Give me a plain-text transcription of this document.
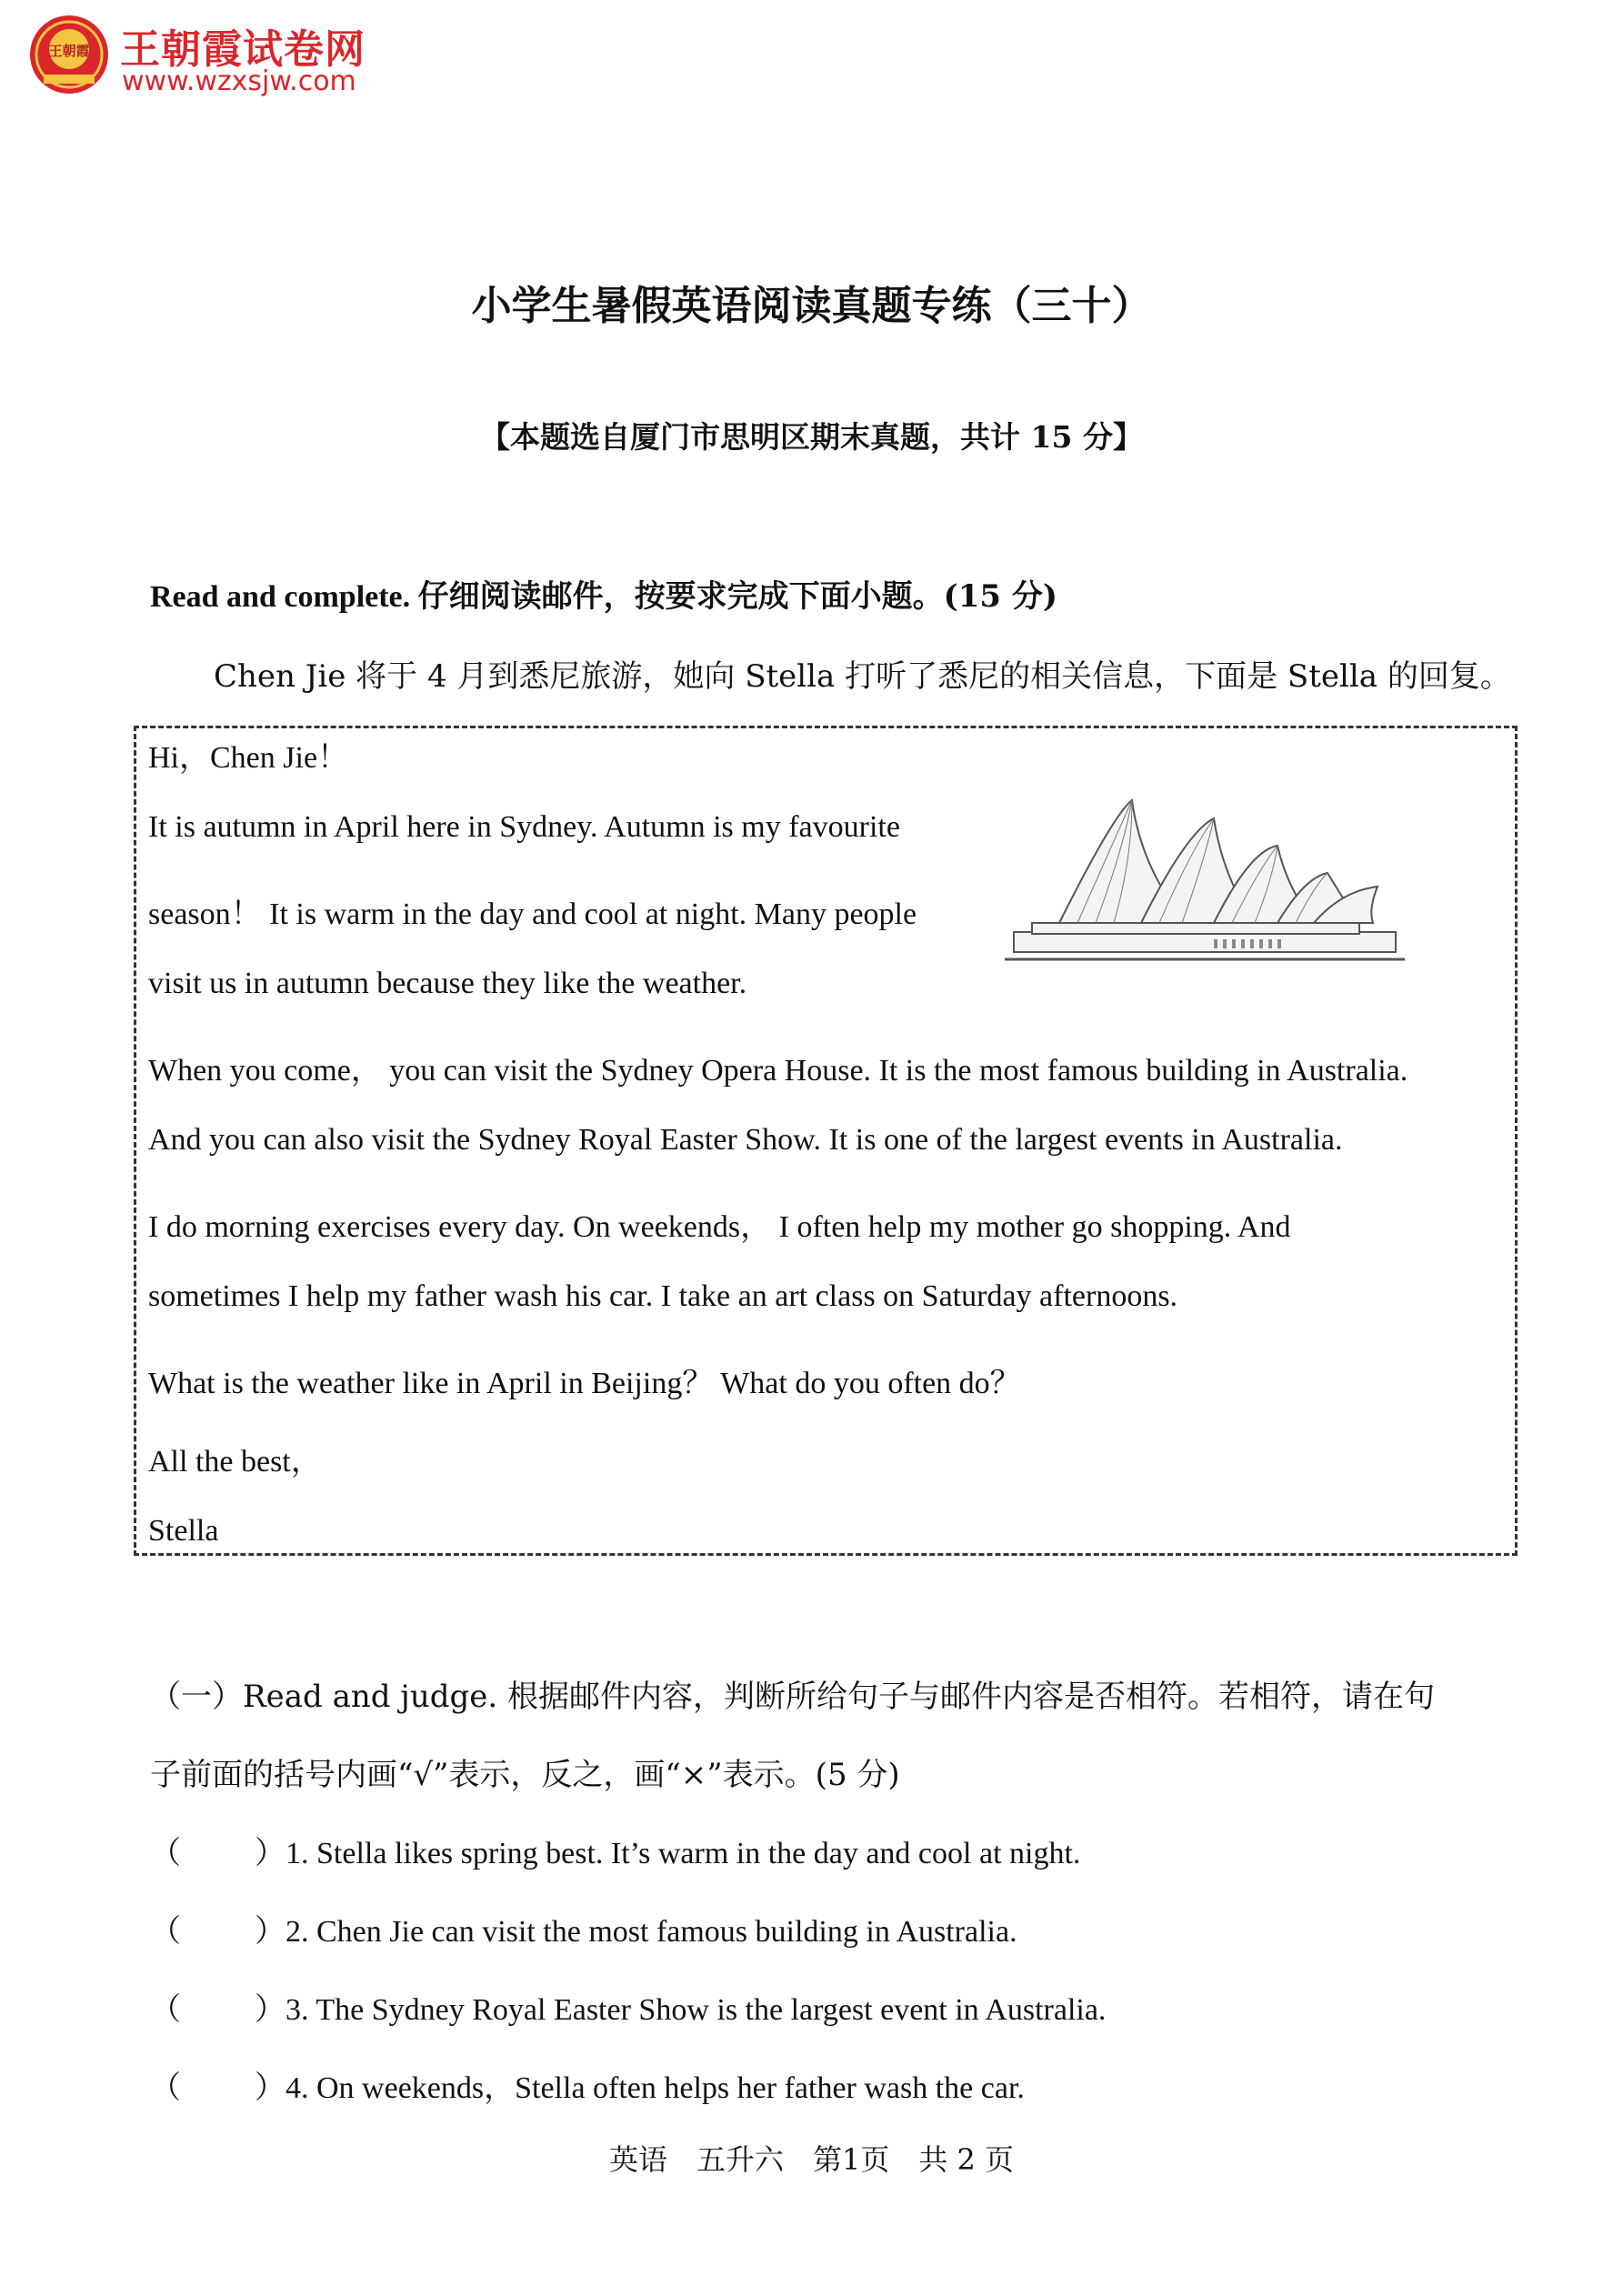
王朝霞 王朝霞试卷网
www.wzxsjw.com
小学生暑假英语阅读真题专练（三十）
【本题选自厦门市思明区期末真题，共计 15 分】
Read and complete. 仔细阅读邮件，按要求完成下面小题。(15 分)
Chen Jie 将于 4 月到悉尼旅游，她向 Stella 打听了悉尼的相关信息，下面是 Stella 的回复。
Hi，Chen Jie！
It is autumn in April here in Sydney. Autumn is my favourite
season！ It is warm in the day and cool at night. Many people
visit us in autumn because they like the weather.
When you come， you can visit the Sydney Opera House. It is the most famous building in Australia.
And you can also visit the Sydney Royal Easter Show. It is one of the largest events in Australia.
I do morning exercises every day. On weekends， I often help my mother go shopping. And
sometimes I help my father wash his car. I take an art class on Saturday afternoons.
What is the weather like in April in Beijing？ What do you often do？
All the best，
Stella
（一）Read and judge. 根据邮件内容，判断所给句子与邮件内容是否相符。若相符，请在句
子前面的括号内画“√”表示，反之，画“×”表示。(5 分)
（ ）1. Stella likes spring best. It’s warm in the day and cool at night.
（ ）2. Chen Jie can visit the most famous building in Australia.
（ ）3. The Sydney Royal Easter Show is the largest event in Australia.
（ ）4. On weekends，Stella often helps her father wash the car.
英语　五升六　第1页　共 2 页
